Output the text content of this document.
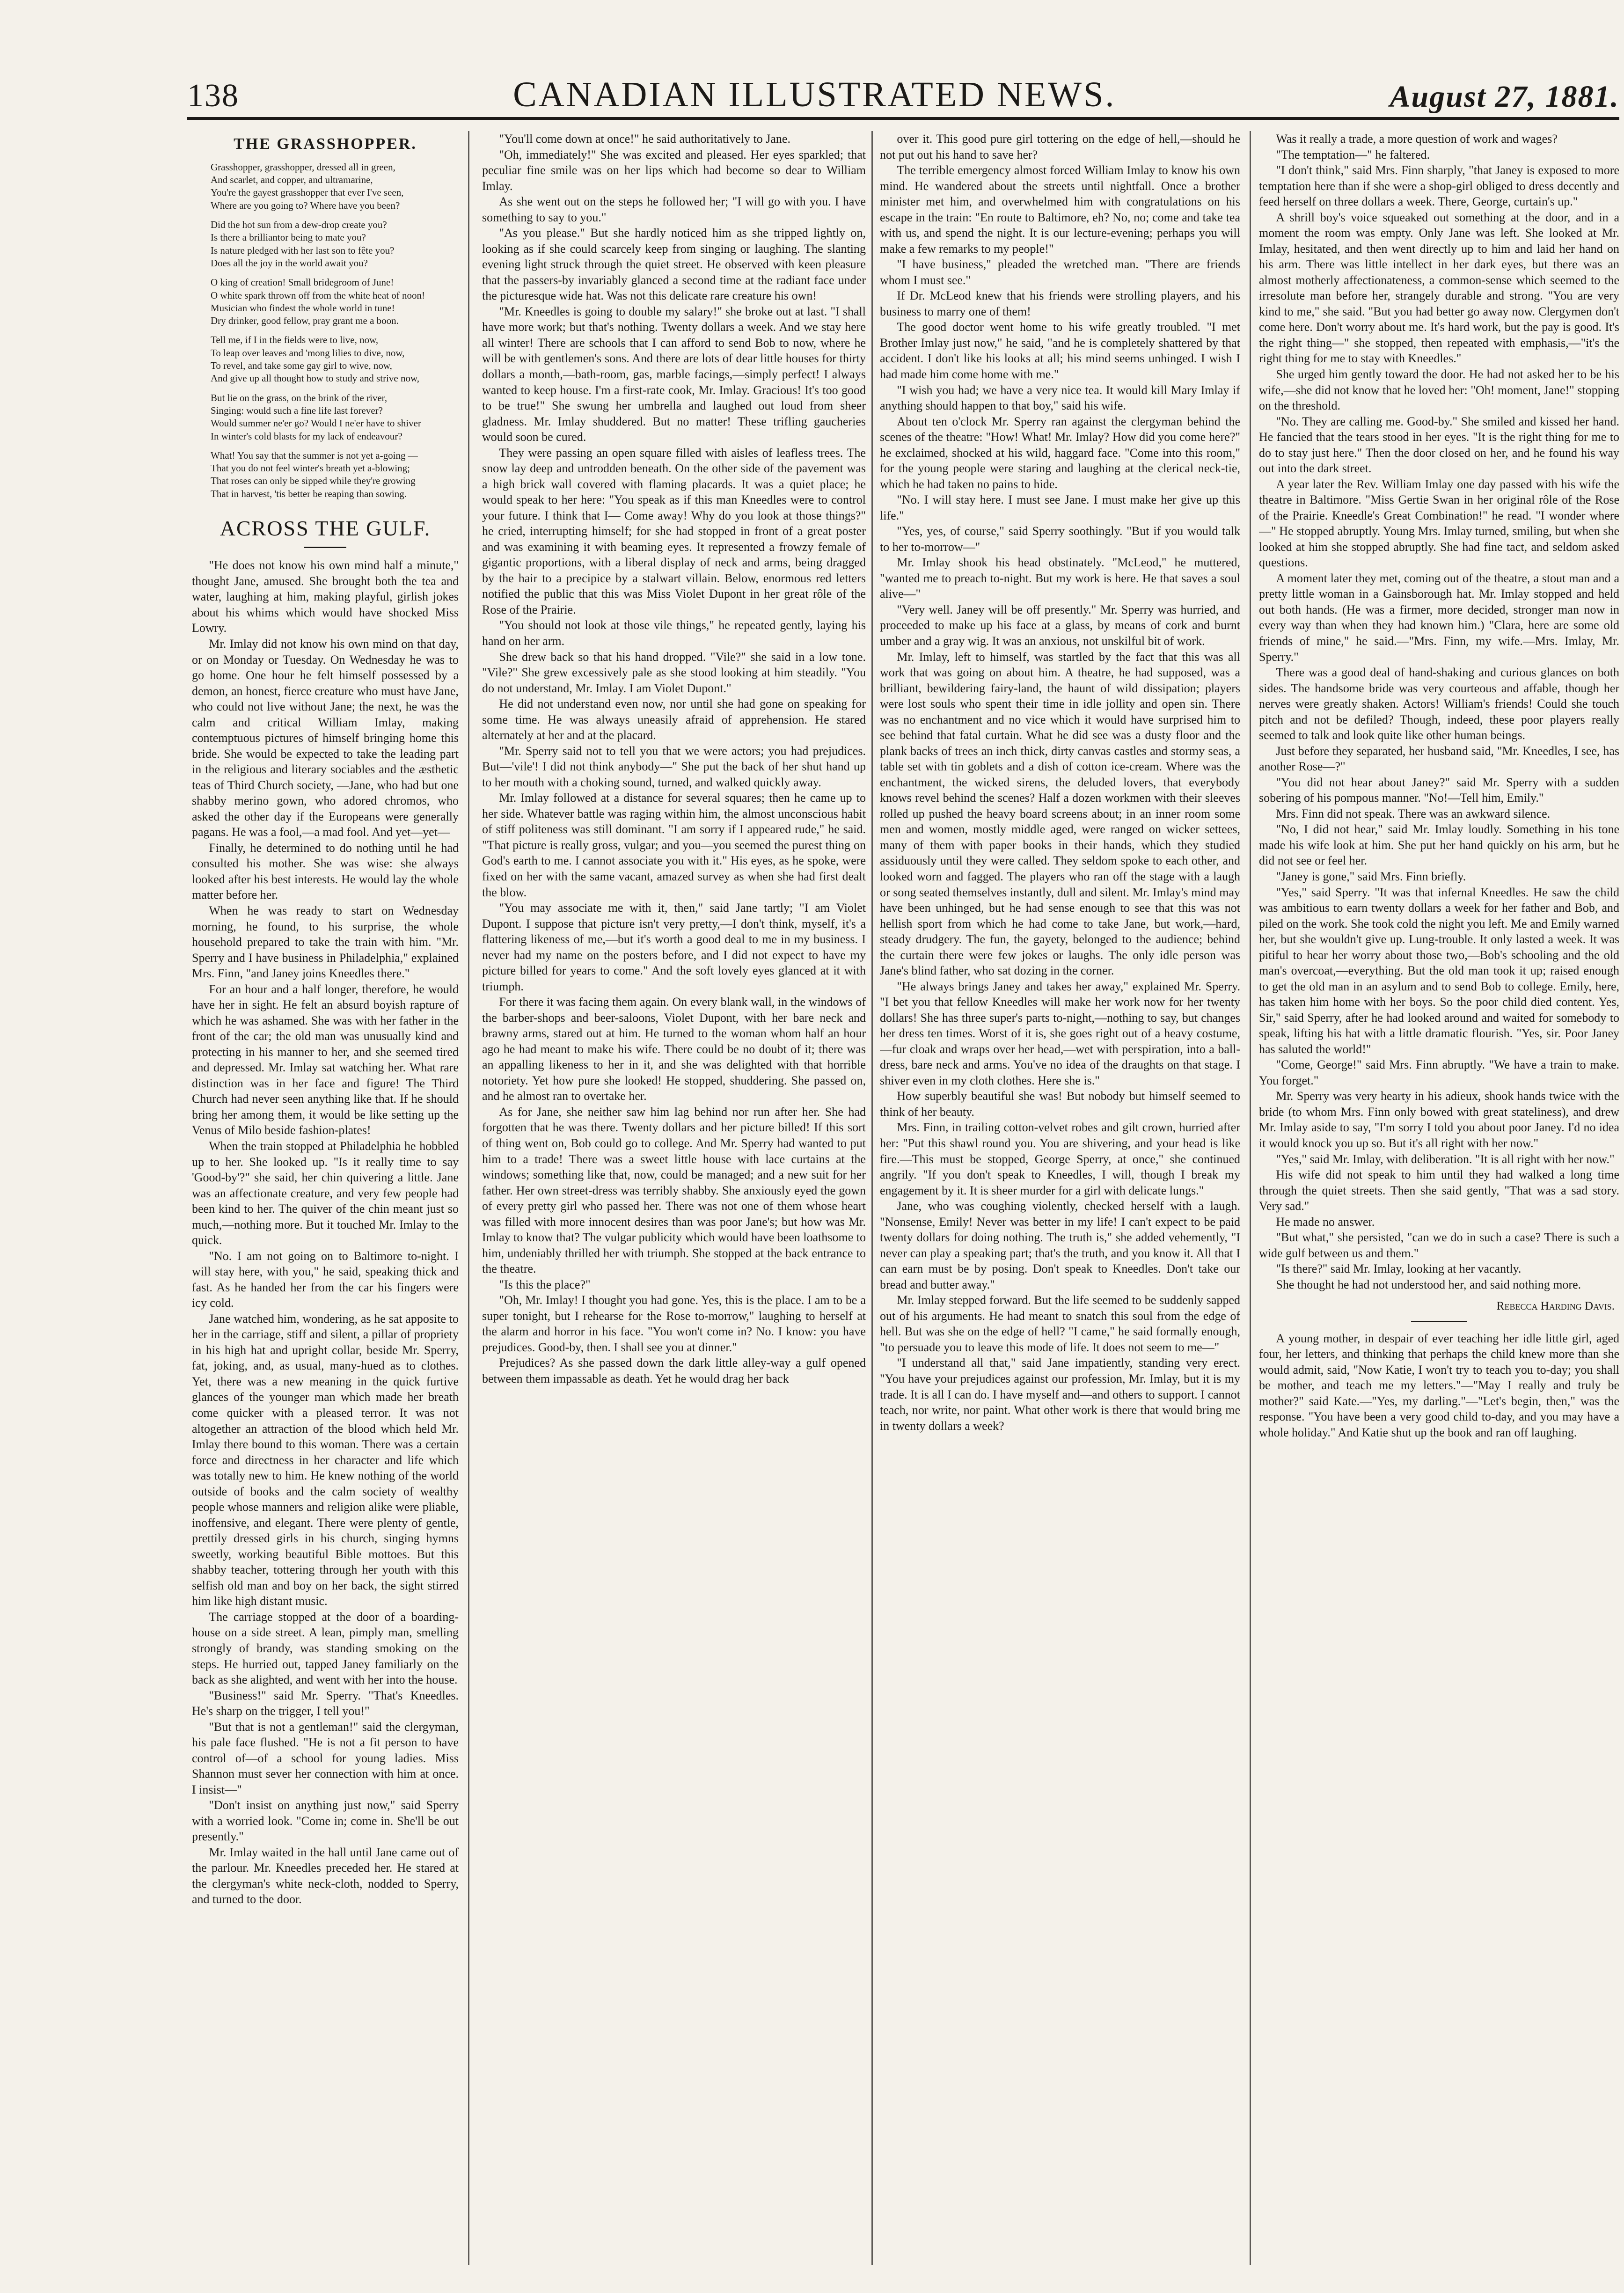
138	CANADIAN ILLUSTRATED NEWS.	August 27, 1881.
THE GRASSHOPPER.
Grasshopper, grasshopper, dressed all in green,
And scarlet, and copper, and ultramarine,
You're the gayest grasshopper that ever I've seen,
Where are you going to? Where have you been?
Did the hot sun from a dew-drop create you?
Is there a brilliantor being to mate you?
Is nature pledged with her last son to fête you?
Does all the joy in the world await you?
O king of creation! Small bridegroom of June!
O white spark thrown off from the white heat of noon!
Musician who findest the whole world in tune!
Dry drinker, good fellow, pray grant me a boon.
Tell me, if I in the fields were to live, now,
To leap over leaves and 'mong lilies to dive, now,
To revel, and take some gay girl to wive, now,
And give up all thought how to study and strive now,
But lie on the grass, on the brink of the river,
Singing: would such a fine life last forever?
Would summer ne'er go? Would I ne'er have to shiver
In winter's cold blasts for my lack of endeavour?
What! You say that the summer is not yet a-going —
That you do not feel winter's breath yet a-blowing;
That roses can only be sipped while they're growing
That in harvest, 'tis better be reaping than sowing.
ACROSS THE GULF.

"He does not know his own mind half a minute," thought Jane, amused. She brought both the tea and water, laughing at him, making playful, girlish jokes about his whims which would have shocked Miss Lowry.

Mr. Imlay did not know his own mind on that day, or on Monday or Tuesday. On Wednesday he was to go home. One hour he felt himself possessed by a demon, an honest, fierce creature who must have Jane, who could not live without Jane; the next, he was the calm and critical William Imlay, making contemptuous pictures of himself bringing home this bride. She would be expected to take the leading part in the religious and literary sociables and the æsthetic teas of Third Church society, —Jane, who had but one shabby merino gown, who adored chromos, who asked the other day if the Europeans were generally pagans. He was a fool,—a mad fool. And yet—yet—

Finally, he determined to do nothing until he had consulted his mother. She was wise: she always looked after his best interests. He would lay the whole matter before her.

When he was ready to start on Wednesday morning, he found, to his surprise, the whole household prepared to take the train with him. "Mr. Sperry and I have business in Philadelphia," explained Mrs. Finn, "and Janey joins Kneedles there."

For an hour and a half longer, therefore, he would have her in sight. He felt an absurd boyish rapture of which he was ashamed. She was with her father in the front of the car; the old man was unusually kind and protecting in his manner to her, and she seemed tired and depressed. Mr. Imlay sat watching her. What rare distinction was in her face and figure! The Third Church had never seen anything like that. If he should bring her among them, it would be like setting up the Venus of Milo beside fashion-plates!

When the train stopped at Philadelphia he hobbled up to her. She looked up. "Is it really time to say 'Good-by'?" she said, her chin quivering a little. Jane was an affectionate creature, and very few people had been kind to her. The quiver of the chin meant just so much,—nothing more. But it touched Mr. Imlay to the quick.

"No. I am not going on to Baltimore to-night. I will stay here, with you," he said, speaking thick and fast. As he handed her from the car his fingers were icy cold.

Jane watched him, wondering, as he sat apposite to her in the carriage, stiff and silent, a pillar of propriety in his high hat and upright collar, beside Mr. Sperry, fat, joking, and, as usual, many-hued as to clothes. Yet, there was a new meaning in the quick furtive glances of the younger man which made her breath come quicker with a pleased terror. It was not altogether an attraction of the blood which held Mr. Imlay there bound to this woman. There was a certain force and directness in her character and life which was totally new to him. He knew nothing of the world outside of books and the calm society of wealthy people whose manners and religion alike were pliable, inoffensive, and elegant. There were plenty of gentle, prettily dressed girls in his church, singing hymns sweetly, working beautiful Bible mottoes. But this shabby teacher, tottering through her youth with this selfish old man and boy on her back, the sight stirred him like high distant music.

The carriage stopped at the door of a boarding-house on a side street. A lean, pimply man, smelling strongly of brandy, was standing smoking on the steps. He hurried out, tapped Janey familiarly on the back as she alighted, and went with her into the house.

"Business!" said Mr. Sperry. "That's Kneedles. He's sharp on the trigger, I tell you!"

"But that is not a gentleman!" said the clergyman, his pale face flushed. "He is not a fit person to have control of—of a school for young ladies. Miss Shannon must sever her connection with him at once. I insist—"

"Don't insist on anything just now," said Sperry with a worried look. "Come in; come in. She'll be out presently."

Mr. Imlay waited in the hall until Jane came out of the parlour. Mr. Kneedles preceded her. He stared at the clergyman's white neck-cloth, nodded to Sperry, and turned to the door.

"You'll come down at once!" he said authoritatively to Jane.

"Oh, immediately!" She was excited and pleased. Her eyes sparkled; that peculiar fine smile was on her lips which had become so dear to William Imlay.

As she went out on the steps he followed her; "I will go with you. I have something to say to you."

"As you please." But she hardly noticed him as she tripped lightly on, looking as if she could scarcely keep from singing or laughing. The slanting evening light struck through the quiet street. He observed with keen pleasure that the passers-by invariably glanced a second time at the radiant face under the picturesque wide hat. Was not this delicate rare creature his own!

"Mr. Kneedles is going to double my salary!" she broke out at last. "I shall have more work; but that's nothing. Twenty dollars a week. And we stay here all winter! There are schools that I can afford to send Bob to now, where he will be with gentlemen's sons. And there are lots of dear little houses for thirty dollars a month,—bath-room, gas, marble facings,—simply perfect! I always wanted to keep house. I'm a first-rate cook, Mr. Imlay. Gracious! It's too good to be true!" She swung her umbrella and laughed out loud from sheer gladness. Mr. Imlay shuddered. But no matter! These trifling gaucheries would soon be cured.

They were passing an open square filled with aisles of leafless trees. The snow lay deep and untrodden beneath. On the other side of the pavement was a high brick wall covered with flaming placards. It was a quiet place; he would speak to her here: "You speak as if this man Kneedles were to control your future. I think that I— Come away! Why do you look at those things?" he cried, interrupting himself; for she had stopped in front of a great poster and was examining it with beaming eyes. It represented a frowzy female of gigantic proportions, with a liberal display of neck and arms, being dragged by the hair to a precipice by a stalwart villain. Below, enormous red letters notified the public that this was Miss Violet Dupont in her great rôle of the Rose of the Prairie.

"You should not look at those vile things," he repeated gently, laying his hand on her arm.

She drew back so that his hand dropped. "Vile?" she said in a low tone. "Vile?" She grew excessively pale as she stood looking at him steadily. "You do not understand, Mr. Imlay. I am Violet Dupont."

He did not understand even now, nor until she had gone on speaking for some time. He was always uneasily afraid of apprehension. He stared alternately at her and at the placard.

"Mr. Sperry said not to tell you that we were actors; you had prejudices. But—'vile'! I did not think anybody—" She put the back of her shut hand up to her mouth with a choking sound, turned, and walked quickly away.

Mr. Imlay followed at a distance for several squares; then he came up to her side. Whatever battle was raging within him, the almost unconscious habit of stiff politeness was still dominant. "I am sorry if I appeared rude," he said. "That picture is really gross, vulgar; and you—you seemed the purest thing on God's earth to me. I cannot associate you with it." His eyes, as he spoke, were fixed on her with the same vacant, amazed survey as when she had first dealt the blow.

"You may associate me with it, then," said Jane tartly; "I am Violet Dupont. I suppose that picture isn't very pretty,—I don't think, myself, it's a flattering likeness of me,—but it's worth a good deal to me in my business. I never had my name on the posters before, and I did not expect to have my picture billed for years to come." And the soft lovely eyes glanced at it with triumph.

For there it was facing them again. On every blank wall, in the windows of the barber-shops and beer-saloons, Violet Dupont, with her bare neck and brawny arms, stared out at him. He turned to the woman whom half an hour ago he had meant to make his wife. There could be no doubt of it; there was an appalling likeness to her in it, and she was delighted with that horrible notoriety. Yet how pure she looked! He stopped, shuddering. She passed on, and he almost ran to overtake her.

As for Jane, she neither saw him lag behind nor run after her. She had forgotten that he was there. Twenty dollars and her picture billed! If this sort of thing went on, Bob could go to college. And Mr. Sperry had wanted to put him to a trade! There was a sweet little house with lace curtains at the windows; something like that, now, could be managed; and a new suit for her father. Her own street-dress was terribly shabby. She anxiously eyed the gown of every pretty girl who passed her. There was not one of them whose heart was filled with more innocent desires than was poor Jane's; but how was Mr. Imlay to know that? The vulgar publicity which would have been loathsome to him, undeniably thrilled her with triumph. She stopped at the back entrance to the theatre.

"Is this the place?"

"Oh, Mr. Imlay! I thought you had gone. Yes, this is the place. I am to be a super tonight, but I rehearse for the Rose to-morrow," laughing to herself at the alarm and horror in his face. "You won't come in? No. I know: you have prejudices. Good-by, then. I shall see you at dinner."

Prejudices? As she passed down the dark little alley-way a gulf opened between them impassable as death. Yet he would drag her back

over it. This good pure girl tottering on the edge of hell,—should he not put out his hand to save her?

The terrible emergency almost forced William Imlay to know his own mind. He wandered about the streets until nightfall. Once a brother minister met him, and overwhelmed him with congratulations on his escape in the train: "En route to Baltimore, eh? No, no; come and take tea with us, and spend the night. It is our lecture-evening; perhaps you will make a few remarks to my people!"

"I have business," pleaded the wretched man. "There are friends whom I must see."

If Dr. McLeod knew that his friends were strolling players, and his business to marry one of them!

The good doctor went home to his wife greatly troubled. "I met Brother Imlay just now," he said, "and he is completely shattered by that accident. I don't like his looks at all; his mind seems unhinged. I wish I had made him come home with me."

"I wish you had; we have a very nice tea. It would kill Mary Imlay if anything should happen to that boy," said his wife.

About ten o'clock Mr. Sperry ran against the clergyman behind the scenes of the theatre: "How! What! Mr. Imlay? How did you come here?" he exclaimed, shocked at his wild, haggard face. "Come into this room," for the young people were staring and laughing at the clerical neck-tie, which he had taken no pains to hide.

"No. I will stay here. I must see Jane. I must make her give up this life."

"Yes, yes, of course," said Sperry soothingly. "But if you would talk to her to-morrow—"

Mr. Imlay shook his head obstinately. "McLeod," he muttered, "wanted me to preach to-night. But my work is here. He that saves a soul alive—"

"Very well. Janey will be off presently." Mr. Sperry was hurried, and proceeded to make up his face at a glass, by means of cork and burnt umber and a gray wig. It was an anxious, not unskilful bit of work.

Mr. Imlay, left to himself, was startled by the fact that this was all work that was going on about him. A theatre, he had supposed, was a brilliant, bewildering fairy-land, the haunt of wild dissipation; players were lost souls who spent their time in idle jollity and open sin. There was no enchantment and no vice which it would have surprised him to see behind that fatal curtain. What he did see was a dusty floor and the plank backs of trees an inch thick, dirty canvas castles and stormy seas, a table set with tin goblets and a dish of cotton ice-cream. Where was the enchantment, the wicked sirens, the deluded lovers, that everybody knows revel behind the scenes? Half a dozen workmen with their sleeves rolled up pushed the heavy board screens about; in an inner room some men and women, mostly middle aged, were ranged on wicker settees, many of them with paper books in their hands, which they studied assiduously until they were called. They seldom spoke to each other, and looked worn and fagged. The players who ran off the stage with a laugh or song seated themselves instantly, dull and silent. Mr. Imlay's mind may have been unhinged, but he had sense enough to see that this was not hellish sport from which he had come to take Jane, but work,—hard, steady drudgery. The fun, the gayety, belonged to the audience; behind the curtain there were few jokes or laughs. The only idle person was Jane's blind father, who sat dozing in the corner.

"He always brings Janey and takes her away," explained Mr. Sperry. "I bet you that fellow Kneedles will make her work now for her twenty dollars! She has three super's parts to-night,—nothing to say, but changes her dress ten times. Worst of it is, she goes right out of a heavy costume,—fur cloak and wraps over her head,—wet with perspiration, into a ball-dress, bare neck and arms. You've no idea of the draughts on that stage. I shiver even in my cloth clothes. Here she is."

How superbly beautiful she was! But nobody but himself seemed to think of her beauty.

Mrs. Finn, in trailing cotton-velvet robes and gilt crown, hurried after her: "Put this shawl round you. You are shivering, and your head is like fire.—This must be stopped, George Sperry, at once," she continued angrily. "If you don't speak to Kneedles, I will, though I break my engagement by it. It is sheer murder for a girl with delicate lungs."

Jane, who was coughing violently, checked herself with a laugh. "Nonsense, Emily! Never was better in my life! I can't expect to be paid twenty dollars for doing nothing. The truth is," she added vehemently, "I never can play a speaking part; that's the truth, and you know it. All that I can earn must be by posing. Don't speak to Kneedles. Don't take our bread and butter away."

Mr. Imlay stepped forward. But the life seemed to be suddenly sapped out of his arguments. He had meant to snatch this soul from the edge of hell. But was she on the edge of hell? "I came," he said formally enough, "to persuade you to leave this mode of life. It does not seem to me—"

"I understand all that," said Jane impatiently, standing very erect. "You have your prejudices against our profession, Mr. Imlay, but it is my trade. It is all I can do. I have myself and—and others to support. I cannot teach, nor write, nor paint. What other work is there that would bring me in twenty dollars a week?

Was it really a trade, a more question of work and wages?

"The temptation—" he faltered.

"I don't think," said Mrs. Finn sharply, "that Janey is exposed to more temptation here than if she were a shop-girl obliged to dress decently and feed herself on three dollars a week. There, George, curtain's up."

A shrill boy's voice squeaked out something at the door, and in a moment the room was empty. Only Jane was left. She looked at Mr. Imlay, hesitated, and then went directly up to him and laid her hand on his arm. There was little intellect in her dark eyes, but there was an almost motherly affectionateness, a common-sense which seemed to the irresolute man before her, strangely durable and strong. "You are very kind to me," she said. "But you had better go away now. Clergymen don't come here. Don't worry about me. It's hard work, but the pay is good. It's the right thing—" she stopped, then repeated with emphasis,—"it's the right thing for me to stay with Kneedles."

She urged him gently toward the door. He had not asked her to be his wife,—she did not know that he loved her: "Oh! moment, Jane!" stopping on the threshold.

"No. They are calling me. Good-by." She smiled and kissed her hand. He fancied that the tears stood in her eyes. "It is the right thing for me to do to stay just here." Then the door closed on her, and he found his way out into the dark street.

A year later the Rev. William Imlay one day passed with his wife the theatre in Baltimore. "Miss Gertie Swan in her original rôle of the Rose of the Prairie. Kneedle's Great Combination!" he read. "I wonder where—" He stopped abruptly. Young Mrs. Imlay turned, smiling, but when she looked at him she stopped abruptly. She had fine tact, and seldom asked questions.

A moment later they met, coming out of the theatre, a stout man and a pretty little woman in a Gainsborough hat. Mr. Imlay stopped and held out both hands. (He was a firmer, more decided, stronger man now in every way than when they had known him.) "Clara, here are some old friends of mine," he said.—"Mrs. Finn, my wife.—Mrs. Imlay, Mr. Sperry."

There was a good deal of hand-shaking and curious glances on both sides. The handsome bride was very courteous and affable, though her nerves were greatly shaken. Actors! William's friends! Could she touch pitch and not be defiled? Though, indeed, these poor players really seemed to talk and look quite like other human beings.

Just before they separated, her husband said, "Mr. Kneedles, I see, has another Rose—?"

"You did not hear about Janey?" said Mr. Sperry with a sudden sobering of his pompous manner. "No!—Tell him, Emily."

Mrs. Finn did not speak. There was an awkward silence.

"No, I did not hear," said Mr. Imlay loudly. Something in his tone made his wife look at him. She put her hand quickly on his arm, but he did not see or feel her.

"Janey is gone," said Mrs. Finn briefly.

"Yes," said Sperry. "It was that infernal Kneedles. He saw the child was ambitious to earn twenty dollars a week for her father and Bob, and piled on the work. She took cold the night you left. Me and Emily warned her, but she wouldn't give up. Lung-trouble. It only lasted a week. It was pitiful to hear her worry about those two,—Bob's schooling and the old man's overcoat,—everything. But the old man took it up; raised enough to get the old man in an asylum and to send Bob to college. Emily, here, has taken him home with her boys. So the poor child died content. Yes, Sir," said Sperry, after he had looked around and waited for somebody to speak, lifting his hat with a little dramatic flourish. "Yes, sir. Poor Janey has saluted the world!"

"Come, George!" said Mrs. Finn abruptly. "We have a train to make. You forget."

Mr. Sperry was very hearty in his adieux, shook hands twice with the bride (to whom Mrs. Finn only bowed with great stateliness), and drew Mr. Imlay aside to say, "I'm sorry I told you about poor Janey. I'd no idea it would knock you up so. But it's all right with her now."

"Yes," said Mr. Imlay, with deliberation. "It is all right with her now."

His wife did not speak to him until they had walked a long time through the quiet streets. Then she said gently, "That was a sad story. Very sad."

He made no answer.

"But what," she persisted, "can we do in such a case? There is such a wide gulf between us and them."

"Is there?" said Mr. Imlay, looking at her vacantly.

She thought he had not understood her, and said nothing more.

Rebecca Harding Davis.

A young mother, in despair of ever teaching her idle little girl, aged four, her letters, and thinking that perhaps the child knew more than she would admit, said, "Now Katie, I won't try to teach you to-day; you shall be mother, and teach me my letters."—"May I really and truly be mother?" said Kate.—"Yes, my darling."—"Let's begin, then," was the response. "You have been a very good child to-day, and you may have a whole holiday." And Katie shut up the book and ran off laughing.
